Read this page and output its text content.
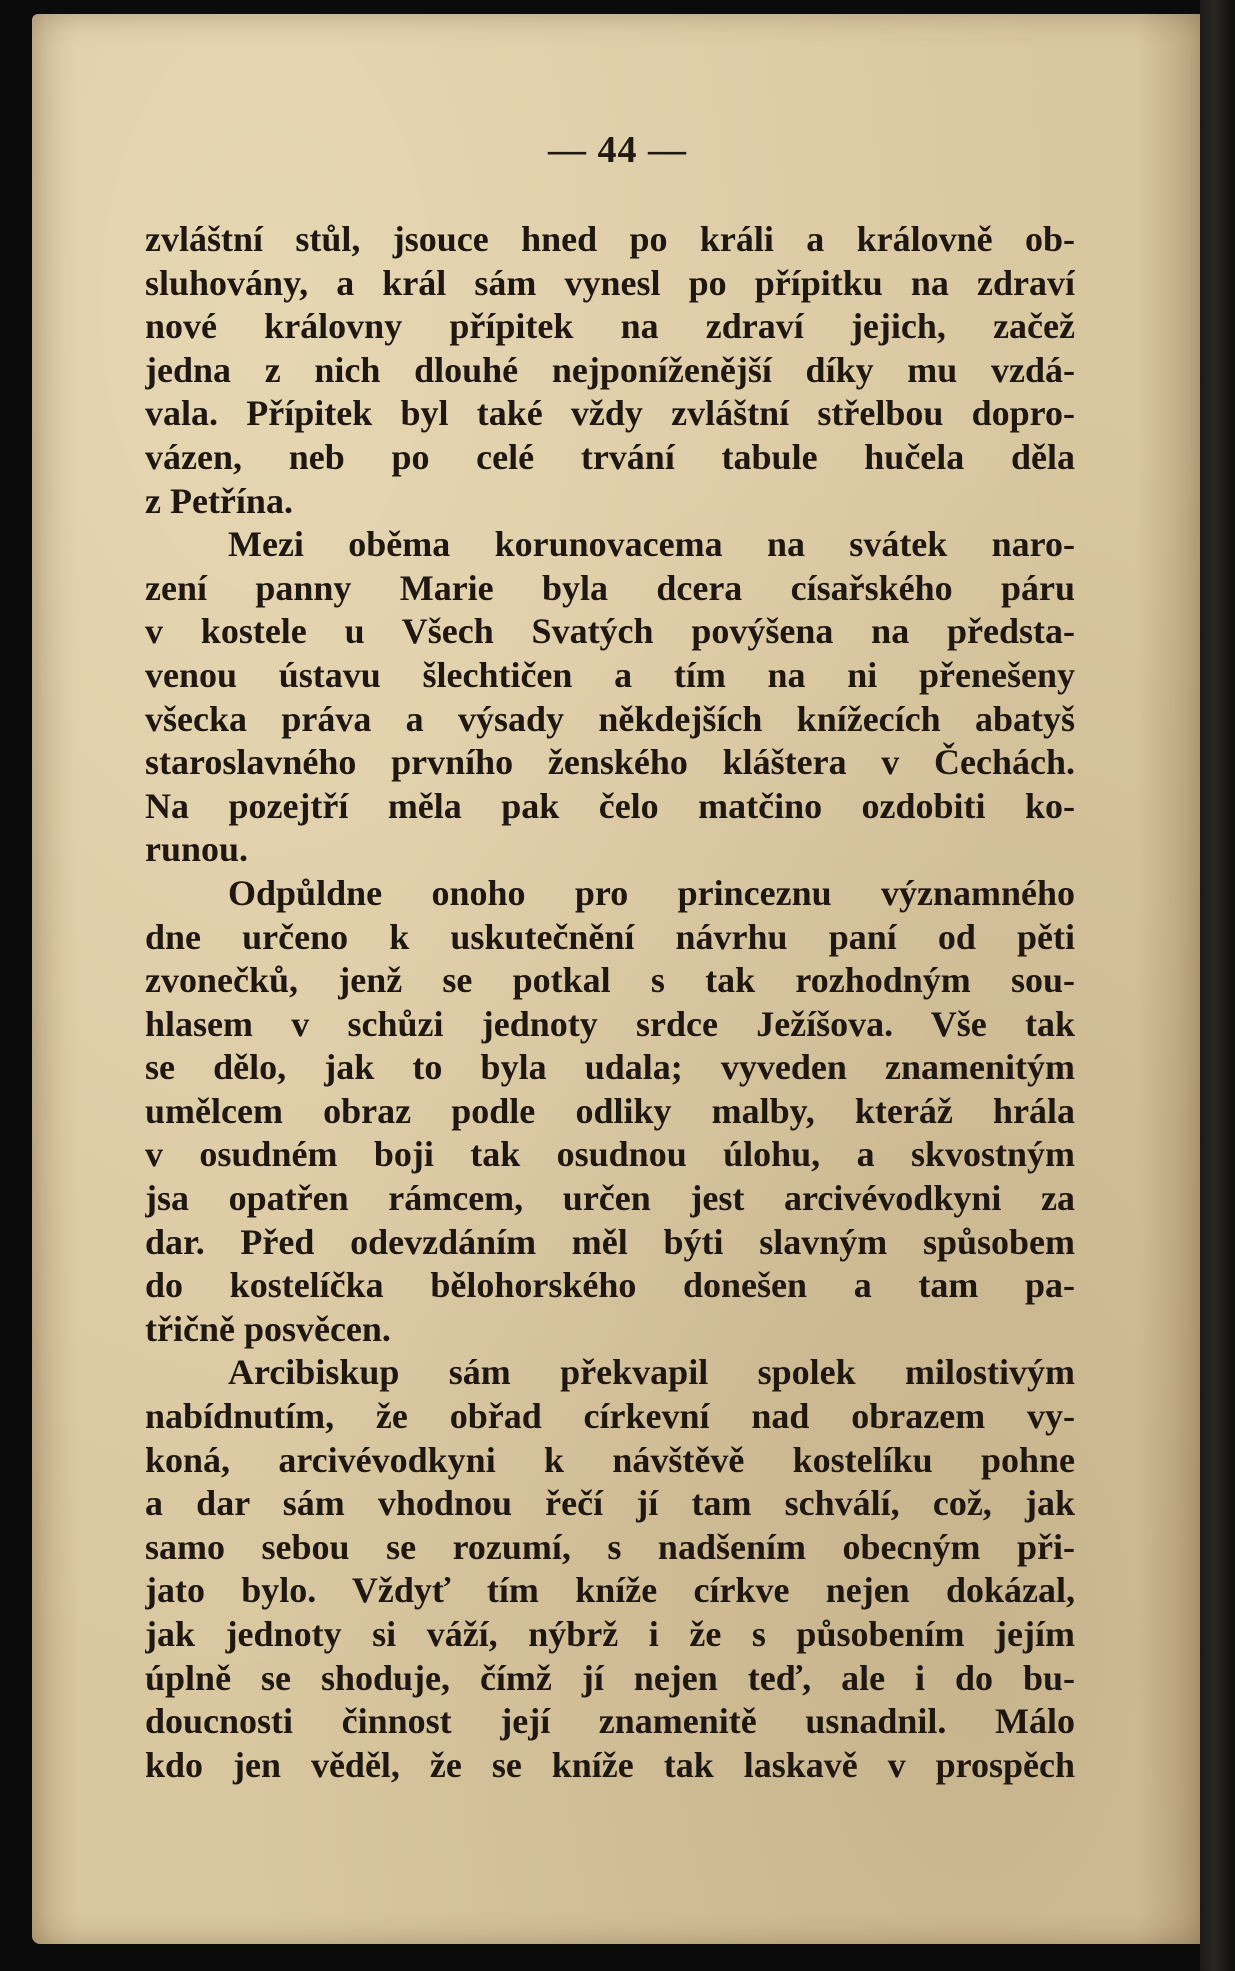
— 44 —
zvláštní stůl, jsouce hned po králi a královně ob-
sluhovány, a král sám vynesl po přípitku na zdraví
nové královny přípitek na zdraví jejich, začež
jedna z nich dlouhé nejponíženější díky mu vzdá-
vala. Přípitek byl také vždy zvláštní střelbou dopro-
vázen, neb po celé trvání tabule hučela děla
z Petřína.
Mezi oběma korunovacema na svátek naro-
zení panny Marie byla dcera císařského páru
v kostele u Všech Svatých povýšena na předsta-
venou ústavu šlechtičen a tím na ni přenešeny
všecka práva a výsady někdejších knížecích abatyš
staroslavného prvního ženského kláštera v Čechách.
Na pozejtří měla pak čelo matčino ozdobiti ko-
runou.
Odpůldne onoho pro princeznu významného
dne určeno k uskutečnění návrhu paní od pěti
zvonečků, jenž se potkal s tak rozhodným sou-
hlasem v schůzi jednoty srdce Ježíšova. Vše tak
se dělo, jak to byla udala; vyveden znamenitým
umělcem obraz podle odliky malby, kteráž hrála
v osudném boji tak osudnou úlohu, a skvostným
jsa opatřen rámcem, určen jest arcivévodkyni za
dar. Před odevzdáním měl býti slavným spůsobem
do kostelíčka bělohorského donešen a tam pa-
třičně posvěcen.
Arcibiskup sám překvapil spolek milostivým
nabídnutím, že obřad církevní nad obrazem vy-
koná, arcivévodkyni k návštěvě kostelíku pohne
a dar sám vhodnou řečí jí tam schválí, což, jak
samo sebou se rozumí, s nadšením obecným při-
jato bylo. Vždyť tím kníže církve nejen dokázal,
jak jednoty si váží, nýbrž i že s působením jejím
úplně se shoduje, čímž jí nejen teď, ale i do bu-
doucnosti činnost její znamenitě usnadnil. Málo
kdo jen věděl, že se kníže tak laskavě v prospěch
